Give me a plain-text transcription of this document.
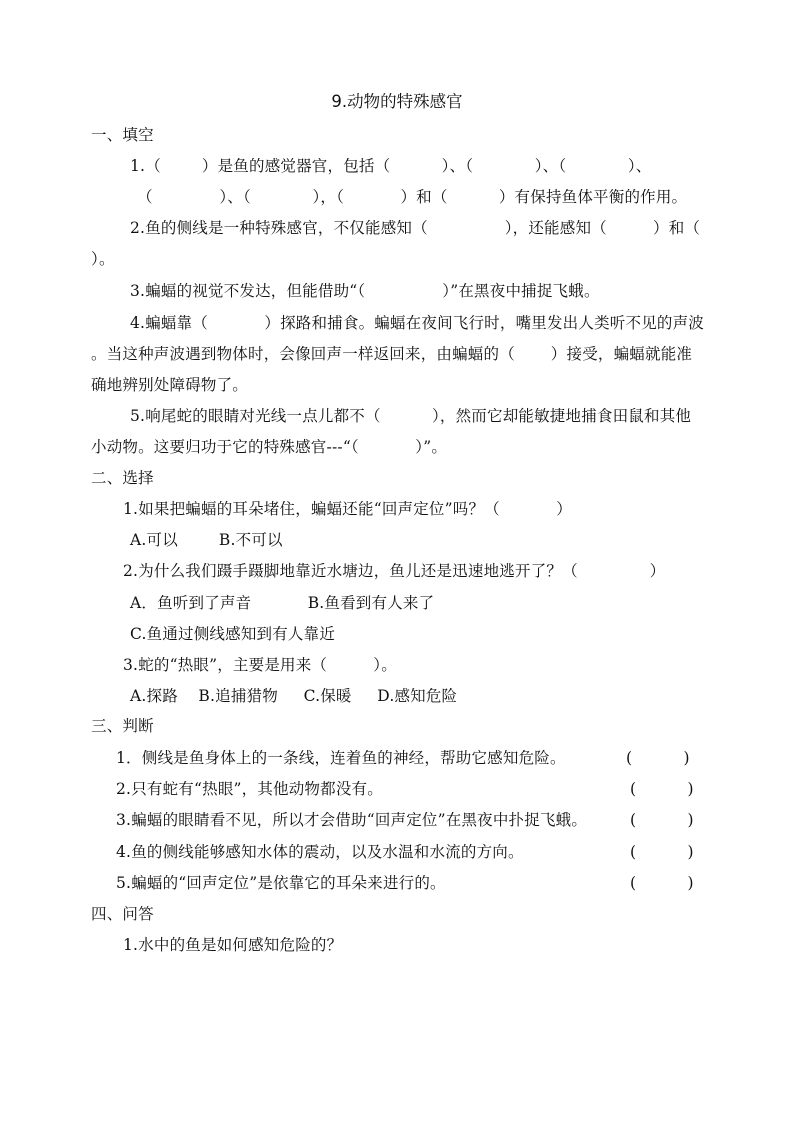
9.动物的特殊感官
一、填空
1.（        ）是鱼的感觉器官，包括（          ）、（            ）、（            ）、
（             ）、（            ），（           ）和（          ）有保持鱼体平衡的作用。
2.鱼的侧线是一种特殊感官，不仅能感知（               ），还能感知（         ）和（
）。
3.蝙蝠的视觉不发达，但能借助“（               ）”在黑夜中捕捉飞蛾。
4.蝙蝠靠（           ）探路和捕食。蝙蝠在夜间飞行时，嘴里发出人类听不见的声波
。当这种声波遇到物体时，会像回声一样返回来，由蝙蝠的（       ）接受，蝙蝠就能准
确地辨别处障碍物了。
5.响尾蛇的眼睛对光线一点儿都不（          ），然而它却能敏捷地捕食田鼠和其他
小动物。这要归功于它的特殊感官---“（           ）”。
二、选择
1.如果把蝙蝠的耳朵堵住，蝙蝠还能“回声定位”吗？（           ）
A.可以        B.不可以
2.为什么我们蹑手蹑脚地靠近水塘边，鱼儿还是迅速地逃开了？（              ）
A．鱼听到了声音           B.鱼看到有人来了
C.鱼通过侧线感知到有人靠近
3.蛇的“热眼”，主要是用来（         ）。
A.探路    B.追捕猎物     C.保暖     D.感知危险
三、判断
1．侧线是鱼身体上的一条线，连着鱼的神经，帮助它感知危险。	(          )
2.只有蛇有“热眼”，其他动物都没有。	(          )
3.蝙蝠的眼睛看不见，所以才会借助“回声定位”在黑夜中扑捉飞蛾。	(          )
4.鱼的侧线能够感知水体的震动，以及水温和水流的方向。	(          )
5.蝙蝠的“回声定位”是依靠它的耳朵来进行的。	(          )
四、问答
1.水中的鱼是如何感知危险的？
